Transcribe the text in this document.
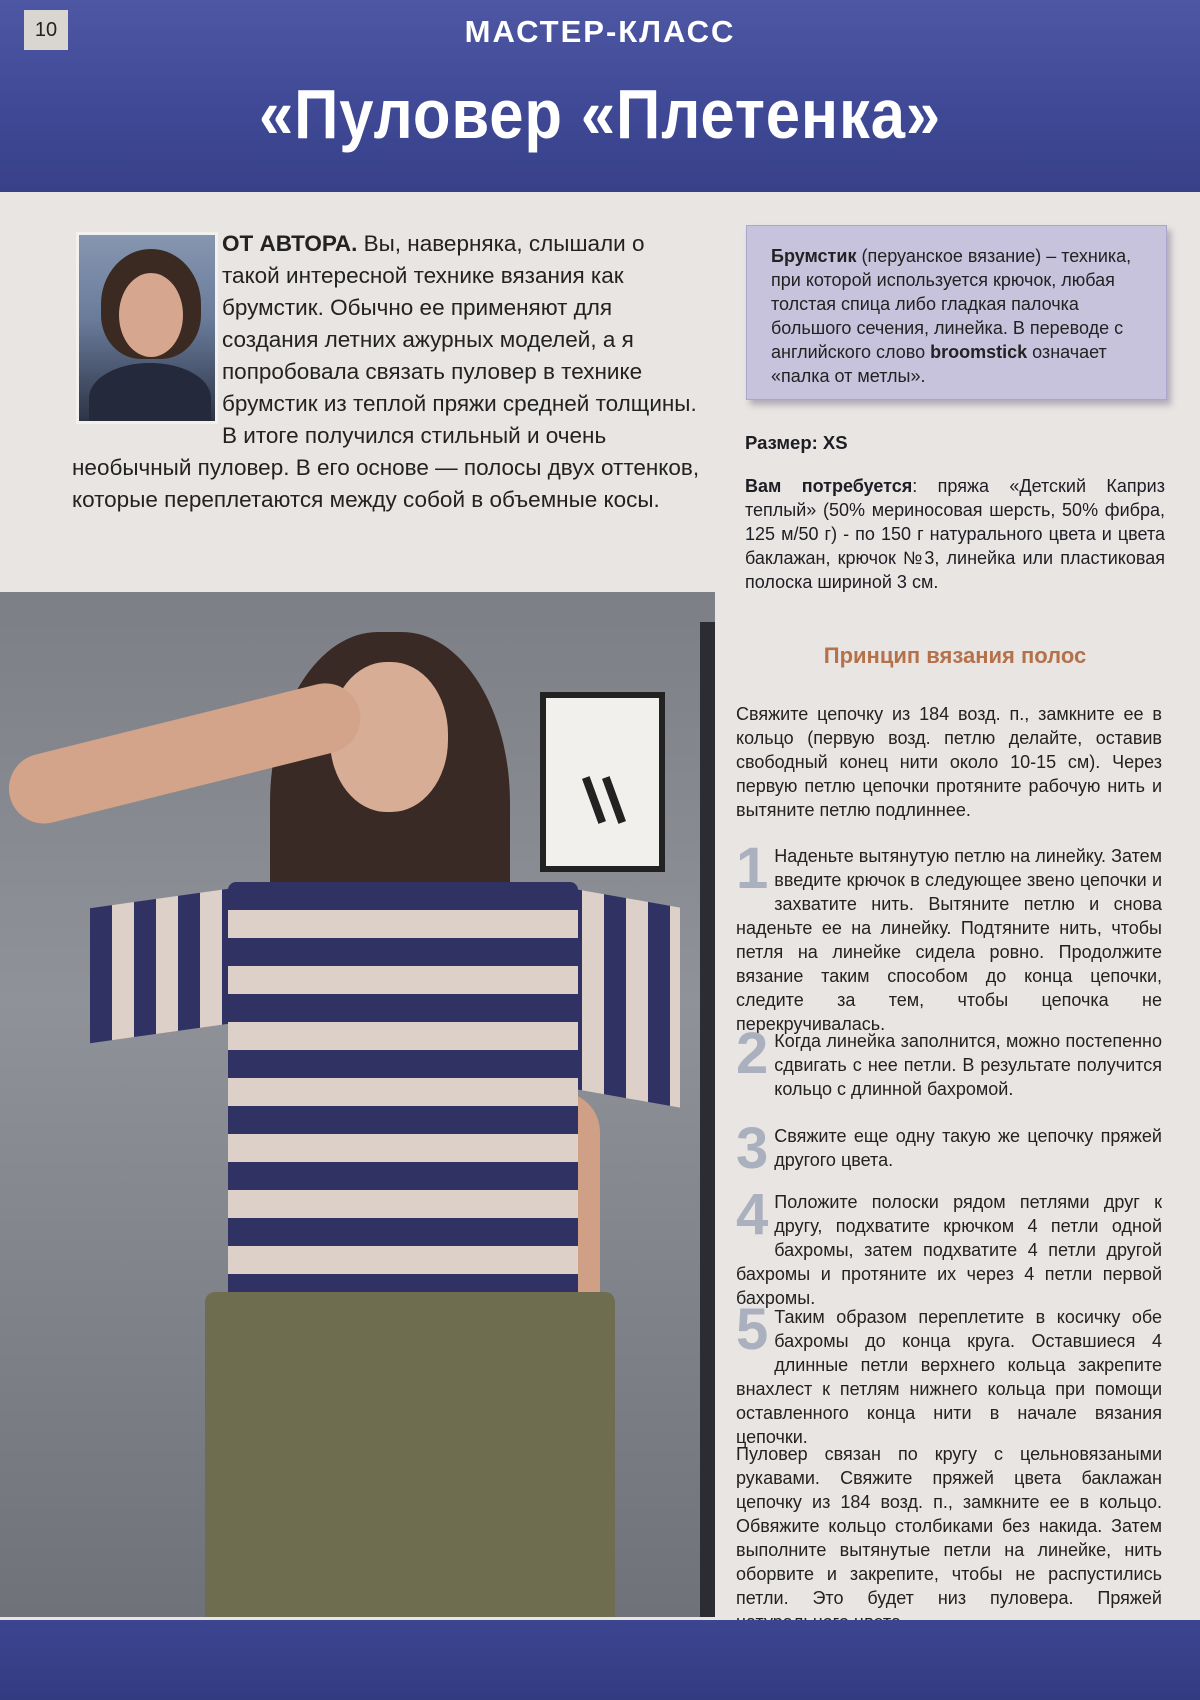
10	МАСТЕР-КЛАСС
«Пуловер «Плетенка»
ОТ АВТОРА. Вы, наверняка, слышали о такой интересной технике вязания как брумстик. Обычно ее применяют для создания летних ажурных моделей, а я попробовала связать пуловер в технике брумстик из теплой пряжи средней толщины. В итоге получился стильный и очень необычный пуловер. В его основе — полосы двух оттенков, которые переплетаются между собой в объемные косы.
Брумстик (перуанское вязание) – техника, при которой используется крючок, любая толстая спица либо гладкая палочка большого сечения, линейка. В переводе с английского слово broomstick означает «палка от метлы».
Размер: XS
Вам потребуется: пряжа «Детский Каприз теплый» (50% мериносовая шерсть, 50% фибра, 125 м/50 г) - по 150 г натурального цвета и цвета баклажан, крючок №3, линейка или пластиковая полоска шириной 3 см.
Принцип вязания полос
Свяжите цепочку из 184 возд. п., замкните ее в кольцо (первую возд. петлю делайте, оставив свободный конец нити около 10-15 см). Через первую петлю цепочки протяните рабочую нить и вытяните петлю подлиннее.
1 Наденьте вытянутую петлю на линейку. Затем введите крючок в следующее звено цепочки и захватите нить. Вытяните петлю и снова наденьте ее на линейку. Подтяните нить, чтобы петля на линейке сидела ровно. Продолжите вязание таким способом до конца цепочки, следите за тем, чтобы цепочка не перекручивалась.
2 Когда линейка заполнится, можно постепенно сдвигать с нее петли. В результате получится кольцо с длинной бахромой.
3 Свяжите еще одну такую же цепочку пряжей другого цвета.
4 Положите полоски рядом петлями друг к другу, подхватите крючком 4 петли одной бахромы, затем подхватите 4 петли другой бахромы и протяните их через 4 петли первой бахромы.
5 Таким образом переплетите в косичку обе бахромы до конца круга. Оставшиеся 4 длинные петли верхнего кольца закрепите внахлест к петлям нижнего кольца при помощи оставленного конца нити в начале вязания цепочки.
Пуловер связан по кругу с цельновязаными рукавами. Свяжите пряжей цвета баклажан цепочку из 184 возд. п., замкните ее в кольцо. Обвяжите кольцо столбиками без накида. Затем выполните вытянутые петли на линейке, нить оборвите и закрепите, чтобы не распустились петли. Это будет низ пуловера. Пряжей
